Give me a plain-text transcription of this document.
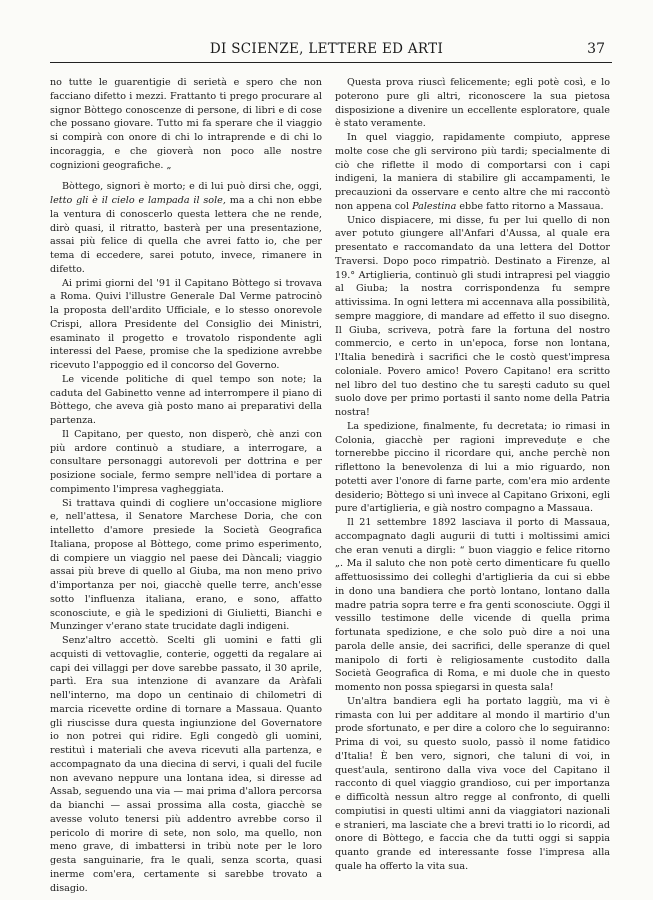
DI SCIENZE, LETTERE ED ARTI	37

no tutte le guarentigie di serietà e spero che non facciano difetto i mezzi. Frattanto ti prego procurare al signor Bòttego conoscenze di persone, di libri e di cose che possano giovare. Tutto mi fa sperare che il viaggio si compirà con onore di chi lo intraprende e di chi lo incoraggia, e che gioverà non poco alle nostre cognizioni geografiche. „

Bòttego, signori è morto; e di lui può dirsi che, oggi, letto gli è il cielo e lampada il sole, ma a chi non ebbe la ventura di conoscerlo questa lettera che ne rende, dirò quasi, il ritratto, basterà per una presentazione, assai più felice di quella che avrei fatto io, che per tema di eccedere, sarei potuto, invece, rimanere in difetto.

Ai primi giorni del '91 il Capitano Bòttego si trovava a Roma. Quivi l'illustre Generale Dal Verme patrocinò la proposta dell'ardito Ufficiale, e lo stesso onorevole Crispi, allora Presidente del Consiglio dei Ministri, esaminato il progetto e trovatolo rispondente agli interessi del Paese, promise che la spedizione avrebbe ricevuto l'appoggio ed il concorso del Governo.

Le vicende politiche di quel tempo son note; la caduta del Gabinetto venne ad interrompere il piano di Bòttego, che aveva già posto mano ai preparativi della partenza.

Il Capitano, per questo, non disperò, chè anzi con più ardore continuò a studiare, a interrogare, a consultare personaggi autorevoli per dottrina e per posizione sociale, fermo sempre nell'idea di portare a compimento l'impresa vagheggiata.

Si trattava quindi di cogliere un'occasione migliore e, nell'attesa, il Senatore Marchese Doria, che con intelletto d'amore presiede la Società Geografica Italiana, propose al Bòttego, come primo esperimento, di compiere un viaggio nel paese dei Dàncali; viaggio assai più breve di quello al Giuba, ma non meno privo d'importanza per noi, giacchè quelle terre, anch'esse sotto l'influenza italiana, erano, e sono, affatto sconosciute, e già le spedizioni di Giulietti, Bianchi e Munzinger v'erano state trucidate dagli indigeni.

Senz'altro accettò. Scelti gli uomini e fatti gli acquisti di vettovaglie, conterie, oggetti da regalare ai capi dei villaggi per dove sarebbe passato, il 30 aprile, partì. Era sua intenzione di avanzare da Aràfali nell'interno, ma dopo un centinaio di chilometri di marcia ricevette ordine di tornare a Massaua. Quanto gli riuscisse dura questa ingiunzione del Governatore io non potrei qui ridire. Egli congedò gli uomini, restituì i materiali che aveva ricevuti alla partenza, e accompagnato da una diecina di servi, i quali del fucile non avevano neppure una lontana idea, si diresse ad Assab, seguendo una via — mai prima d'allora percorsa da bianchi — assai prossima alla costa, giacchè se avesse voluto tenersi più addentro avrebbe corso il pericolo di morire di sete, non solo, ma quello, non meno grave, di imbattersi in tribù note per le loro gesta sanguinarie, fra le quali, senza scorta, quasi inerme com'era, certamente si sarebbe trovato a disagio.

Questa prova riuscì felicemente; egli potè così, e lo poterono pure gli altri, riconoscere la sua pietosa disposizione a divenire un eccellente esploratore, quale è stato veramente.

In quel viaggio, rapidamente compiuto, apprese molte cose che gli servirono più tardi; specialmente di ciò che riflette il modo di comportarsi con i capi indigeni, la maniera di stabilire gli accampamenti, le precauzioni da osservare e cento altre che mi raccontò non appena col Palestina ebbe fatto ritorno a Massaua.

Unico dispiacere, mi disse, fu per lui quello di non aver potuto giungere all'Anfari d'Aussa, al quale era presentato e raccomandato da una lettera del Dottor Traversi. Dopo poco rimpatriò. Destinato a Firenze, al 19.° Artiglieria, continuò gli studi intrapresi pel viaggio al Giuba; la nostra corrispondenza fu sempre attivissima. In ogni lettera mi accennava alla possibilità, sempre maggiore, di mandare ad effetto il suo disegno. Il Giuba, scriveva, potrà fare la fortuna del nostro commercio, e certo in un'epoca, forse non lontana, l'Italia benedirà i sacrifici che le costò quest'impresa coloniale. Povero amico! Povero Capitano! era scritto nel libro del tuo destino che tu sarești caduto su quel suolo dove per primo portasti il santo nome della Patria nostra!

La spedizione, finalmente, fu decretata; io rimasi in Colonia, giacchè per ragioni impreveduțe e che tornerebbe piccino il ricordare qui, anche perchè non riflettono la benevolenza di lui a mio riguardo, non potetti aver l'onore di farne parte, com'era mio ardente desiderio; Bòttego si unì invece al Capitano Grixoni, egli pure d'artiglieria, e già nostro compagno a Massaua.

Il 21 settembre 1892 lasciava il porto di Massaua, accompagnato dagli augurii di tutti i moltissimi amici che eran venuti a dirgli: “ buon viaggio e felice ritorno „. Ma il saluto che non potè certo dimenticare fu quello affettuosissimo dei colleghi d'artiglieria da cui si ebbe in dono una bandiera che portò lontano, lontano dalla madre patria sopra terre e fra genti sconosciute. Oggi il vessillo testimone delle vicende di quella prima fortunata spedizione, e che solo può dire a noi una parola delle ansie, dei sacrifici, delle speranze di quel manipolo di forti è religiosamente custodito dalla Società Geografica di Roma, e mi duole che in questo momento non possa spiegarsi in questa sala!

Un'altra bandiera egli ha portato laggiù, ma vi è rimasta con lui per additare al mondo il martirio d'un prode sfortunato, e per dire a coloro che lo seguiranno: Prima di voi, su questo suolo, passò il nome fatidico d'Italia! È ben vero, signori, che taluni di voi, in quest'aula, sentirono dalla viva voce del Capitano il racconto di quel viaggio grandioso, cui per importanza e difficoltà nessun altro regge al confronto, di quelli compiutisi in questi ultimi anni da viaggiatori nazionali e stranieri, ma lasciate che a brevi tratti io lo ricordi, ad onore di Bòttego, e faccia che da tutti oggi si sappia quanto grande ed interessante fosse l'impresa alla quale ha offerto la vita sua.
